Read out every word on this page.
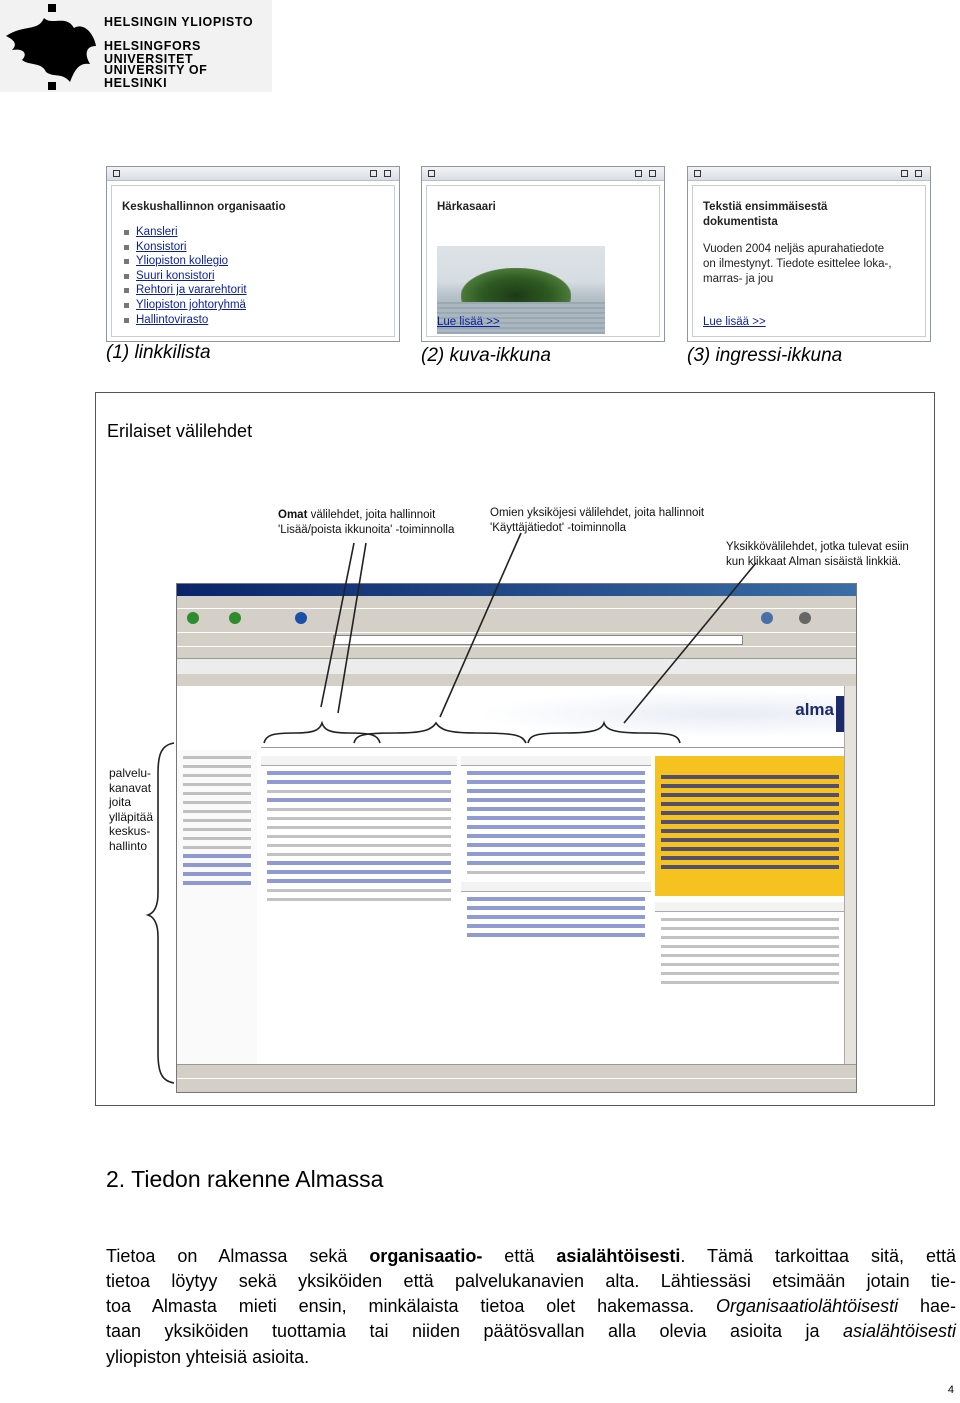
HELSINGIN YLIOPISTO
HELSINGFORS UNIVERSITET
UNIVERSITY OF HELSINKI
Keskushallinnon organisaatio
Kansleri
Konsistori
Yliopiston kollegio
Suuri konsistori
Rehtori ja vararehtorit
Yliopiston johtoryhmä
Hallintovirasto
Härkasaari
Lue lisää >>
Tekstiä ensimmäisestä
dokumentista
Vuoden 2004 neljäs apurahatiedote
on ilmestynyt. Tiedote esittelee loka-,
marras- ja jou
Lue lisää >>
(1) linkkilista	(2) kuva-ikkuna	(3) ingressi-ikkuna
Erilaiset välilehdet
Omat välilehdet, joita hallinnoit
'Lisää/poista ikkunoita' -toiminnolla
Omien yksiköjesi välilehdet, joita hallinnoit
'Käyttäjätiedot' -toiminnolla
Yksikkövälilehdet, jotka tulevat esiin
kun klikkaat Alman sisäistä linkkiä.
palvelu-
kanavat
joita
ylläpitää
keskus-
hallinto
alma
2. Tiedon rakenne Almassa
Tietoa on Almassa sekä organisaatio- että asialähtöisesti. Tämä tarkoittaa sitä, että
tietoa löytyy sekä yksiköiden että palvelukanavien alta. Lähtiessäsi etsimään jotain tie-
toa Almasta mieti ensin, minkälaista tietoa olet hakemassa. Organisaatiolähtöisesti hae-
taan yksiköiden tuottamia tai niiden päätösvallan alla olevia asioita ja asialähtöisesti
yliopiston yhteisiä asioita.
4
